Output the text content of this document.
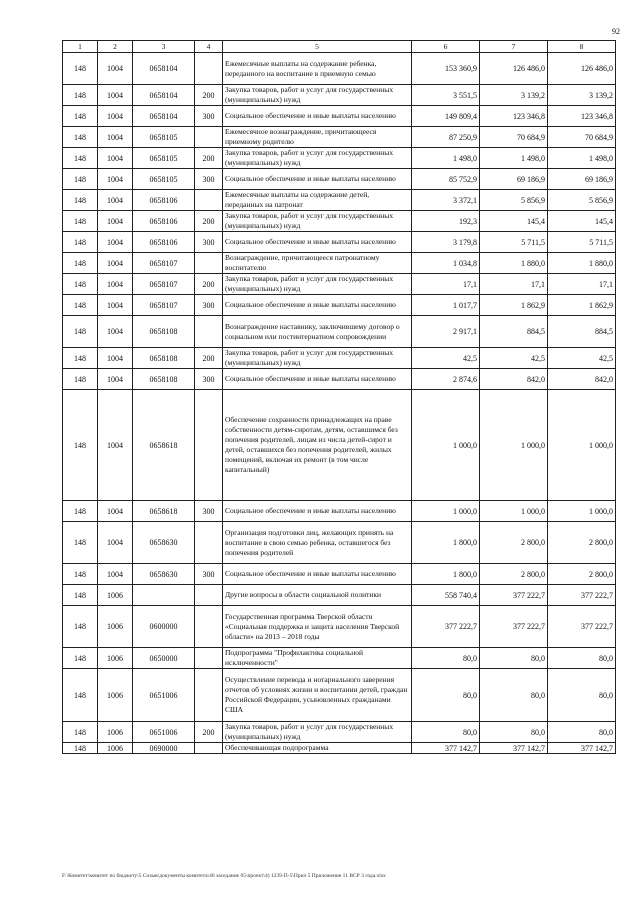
92
1	2	3	4	5	6	7	8
148	1004	0658104		Ежемесячные выплаты на содержание ребенка, переданного на воспитание в приемную семью	153 360,9	126 486,0	126 486,0
148	1004	0658104	200	Закупка товаров, работ и услуг для государственных (муниципальных) нужд	3 551,5	3 139,2	3 139,2
148	1004	0658104	300	Социальное обеспечение и иные выплаты населению	149 809,4	123 346,8	123 346,8
148	1004	0658105		Ежемесячное вознаграждение, причитающееся приемному родителю	87 250,9	70 684,9	70 684,9
148	1004	0658105	200	Закупка товаров, работ и услуг для государственных (муниципальных) нужд	1 498,0	1 498,0	1 498,0
148	1004	0658105	300	Социальное обеспечение и иные выплаты населению	85 752,9	69 186,9	69 186,9
148	1004	0658106		Ежемесячные выплаты на содержание детей, переданных на патронат	3 372,1	5 856,9	5 856,9
148	1004	0658106	200	Закупка товаров, работ и услуг для государственных (муниципальных) нужд	192,3	145,4	145,4
148	1004	0658106	300	Социальное обеспечение и иные выплаты населению	3 179,8	5 711,5	5 711,5
148	1004	0658107		Вознаграждение, причитающееся патронатному воспитателю	1 034,8	1 880,0	1 880,0
148	1004	0658107	200	Закупка товаров, работ и услуг для государственных (муниципальных) нужд	17,1	17,1	17,1
148	1004	0658107	300	Социальное обеспечение и иные выплаты населению	1 017,7	1 862,9	1 862,9
148	1004	0658108		Вознаграждение наставнику, заключившему договор о социальном или постинтернатном сопровождении	2 917,1	884,5	884,5
148	1004	0658108	200	Закупка товаров, работ и услуг для государственных (муниципальных) нужд	42,5	42,5	42,5
148	1004	0658108	300	Социальное обеспечение и иные выплаты населению	2 874,6	842,0	842,0
148	1004	0658618		Обеспечение сохранности принадлежащих на праве собственности детям-сиротам, детям, оставшимся без попечения родителей, лицам из числа детей-сирот и детей, оставшихся без попечения родителей, жилых помещений, включая их ремонт (в том числе капитальный)	1 000,0	1 000,0	1 000,0
148	1004	0658618	300	Социальное обеспечение и иные выплаты населению	1 000,0	1 000,0	1 000,0
148	1004	0658630		Организация подготовки лиц, желающих принять на воспитание в свою семью ребенка, оставшегося без попечения родителей	1 800,0	2 800,0	2 800,0
148	1004	0658630	300	Социальное обеспечение и иные выплаты населению	1 800,0	2 800,0	2 800,0
148	1006			Другие вопросы в области социальной политики	558 740,4	377 222,7	377 222,7
148	1006	0600000		Государственная программа Тверской области «Социальная поддержка и защита населения Тверской области» на 2013 – 2018 годы	377 222,7	377 222,7	377 222,7
148	1006	0650000		Подпрограмма "Профилактика социальной исключенности"	80,0	80,0	80,0
148	1006	0651006		Осуществление перевода и нотариального заверения отчетов об условиях жизни и воспитании детей, граждан Российской Федерации, усыновленных гражданами США	80,0	80,0	80,0
148	1006	0651006	200	Закупка товаров, работ и услуг для государственных (муниципальных) нужд	80,0	80,0	80,0
148	1006	0690000		Обеспечивающая подпрограмма	377 142,7	377 142,7	377 142,7
F:\Комитет\комитет по бюджету\5 Созыв\документы комитета\46 заседание 05\проект\4) 1239-П-5\Прил 5 Приложение 11 ВСР 3 года.xlsx
